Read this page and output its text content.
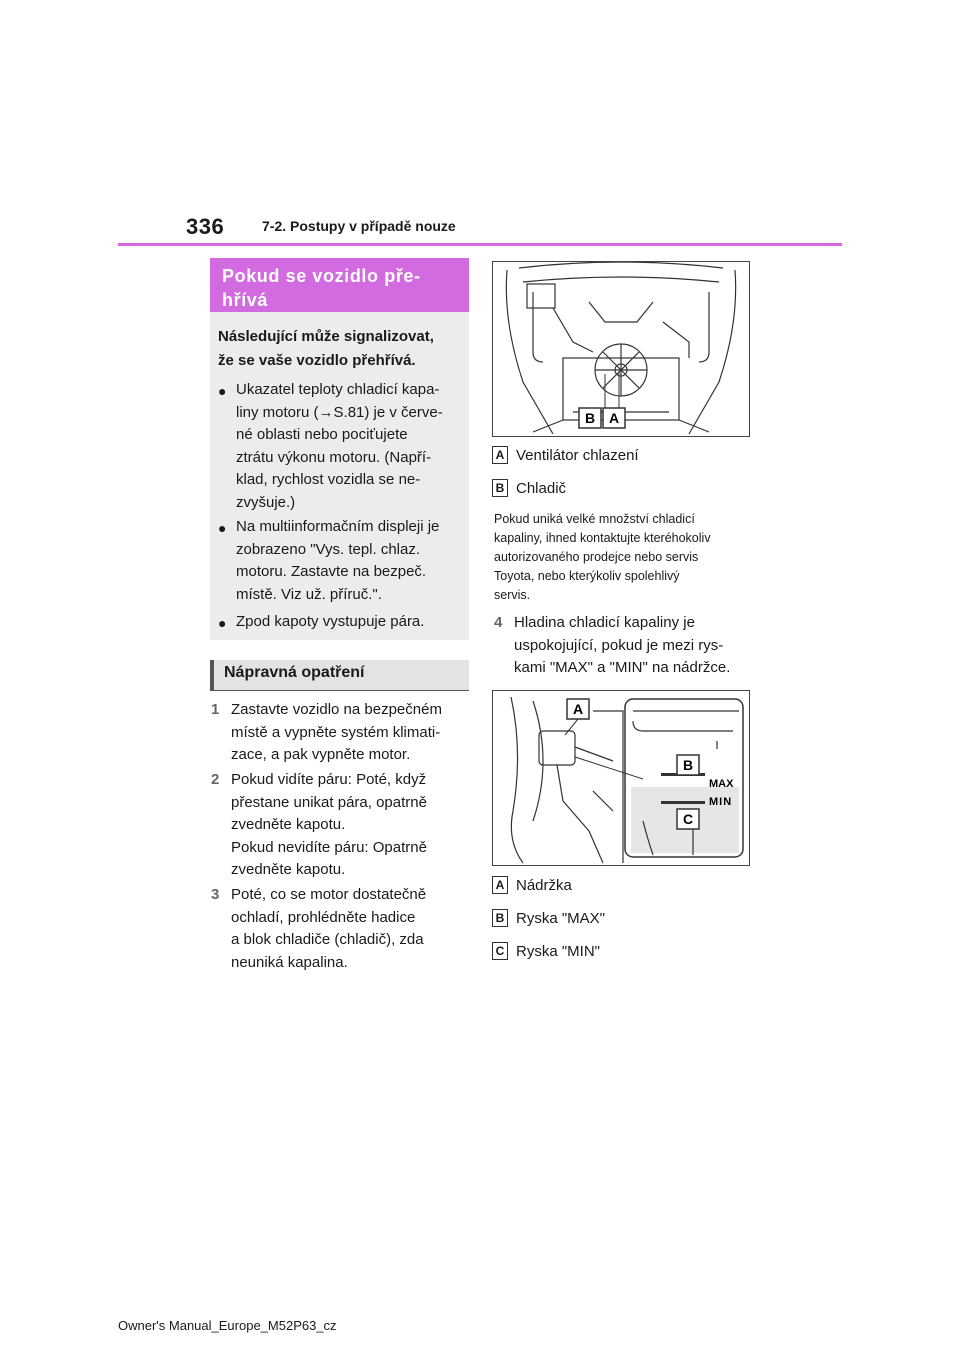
336	7-2. Postupy v případě nouze
Pokud se vozidlo pře-
hřívá
Následující může signalizovat,
že se vaše vozidlo přehřívá.
● Ukazatel teploty chladicí kapa-
liny motoru (→S.81) je v červe-
né oblasti nebo pociťujete
ztrátu výkonu motoru. (Napří-
klad, rychlost vozidla se ne-
zvyšuje.)
● Na multiinformačním displeji je
zobrazeno "Vys. tepl. chlaz.
motoru. Zastavte na bezpeč.
místě. Viz už. příruč.".
● Zpod kapoty vystupuje pára.
Nápravná opatření
1 Zastavte vozidlo na bezpečném
místě a vypněte systém klimati-
zace, a pak vypněte motor.
2 Pokud vidíte páru: Poté, když
přestane unikat pára, opatrně
zvedněte kapotu.
Pokud nevidíte páru: Opatrně
zvedněte kapotu.
3 Poté, co se motor dostatečně
ochladí, prohlédněte hadice
a blok chladiče (chladič), zda
neuniká kapalina.
B A
A Ventilátor chlazení
B Chladič
Pokud uniká velké množství chladicí
kapaliny, ihned kontaktujte kteréhokoliv
autorizovaného prodejce nebo servis
Toyota, nebo kterýkoliv spolehlivý
servis.
4 Hladina chladicí kapaliny je
uspokojující, pokud je mezi rys-
kami "MAX" a "MIN" na nádržce.
MAX
MIN
A
B
C
A Nádržka
B Ryska "MAX"
C Ryska "MIN"
Owner's Manual_Europe_M52P63_cz
